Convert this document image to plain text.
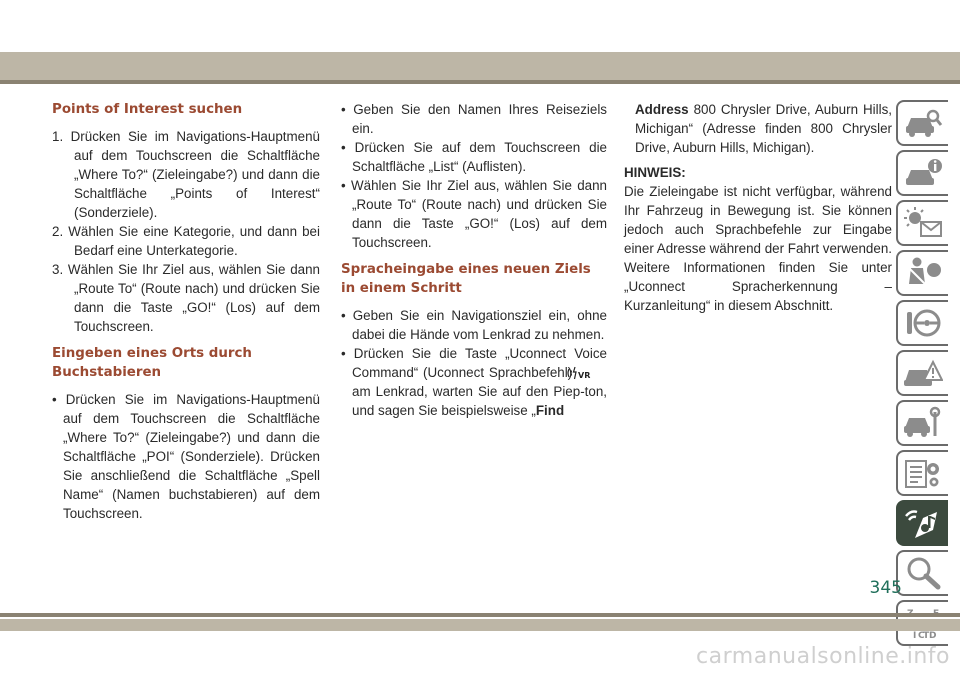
Points of Interest suchen

1. Drücken Sie im Navigations-Hauptmenü auf dem Touchscreen die Schaltfläche „Where To?“ (Zieleingabe?) und dann die Schaltfläche „Points of Interest“ (Sonderziele).

2. Wählen Sie eine Kategorie, und dann bei Bedarf eine Unterkategorie.

3. Wählen Sie Ihr Ziel aus, wählen Sie dann „Route To“ (Route nach) und drücken Sie dann die Taste „GO!“ (Los) auf dem Touchscreen.

Eingeben eines Orts durch Buchstabieren

• Drücken Sie im Navigations-Hauptmenü auf dem Touchscreen die Schaltfläche „Where To?“ (Zieleingabe?) und dann die Schaltfläche „POI“ (Sonderziele). Drücken Sie anschließend die Schaltfläche „Spell Name“ (Namen buchstabieren) auf dem Touchscreen.

• Geben Sie den Namen Ihres Reiseziels ein.

• Drücken Sie auf dem Touchscreen die Schaltfläche „List“ (Auflisten).

• Wählen Sie Ihr Ziel aus, wählen Sie dann „Route To“ (Route nach) und drücken Sie dann die Taste „GO!“ (Los) auf dem Touchscreen.

Spracheingabe eines neuen Ziels in einem Schritt

• Geben Sie ein Navigationsziel ein, ohne dabei die Hände vom Lenkrad zu nehmen.

• Drücken Sie die Taste „Uconnect Voice Command“ (Uconnect Sprachbefehl) VR
am Lenkrad, warten Sie auf den Piep-ton, und sagen Sie beispielsweise „Find

Address 800 Chrysler Drive, Auburn Hills, Michigan“ (Adresse finden 800 Chrysler Drive, Auburn Hills, Michigan).

HINWEIS:

Die Zieleingabe ist nicht verfügbar, während Ihr Fahrzeug in Bewegung ist. Sie können jedoch auch Sprachbefehle zur Eingabe einer Adresse während der Fahrt verwenden. Weitere Informationen finden Sie unter „Uconnect Spracherkennung – Kurzanleitung“ in diesem Abschnitt.

C D
I T
345
carmanualsonline.info
